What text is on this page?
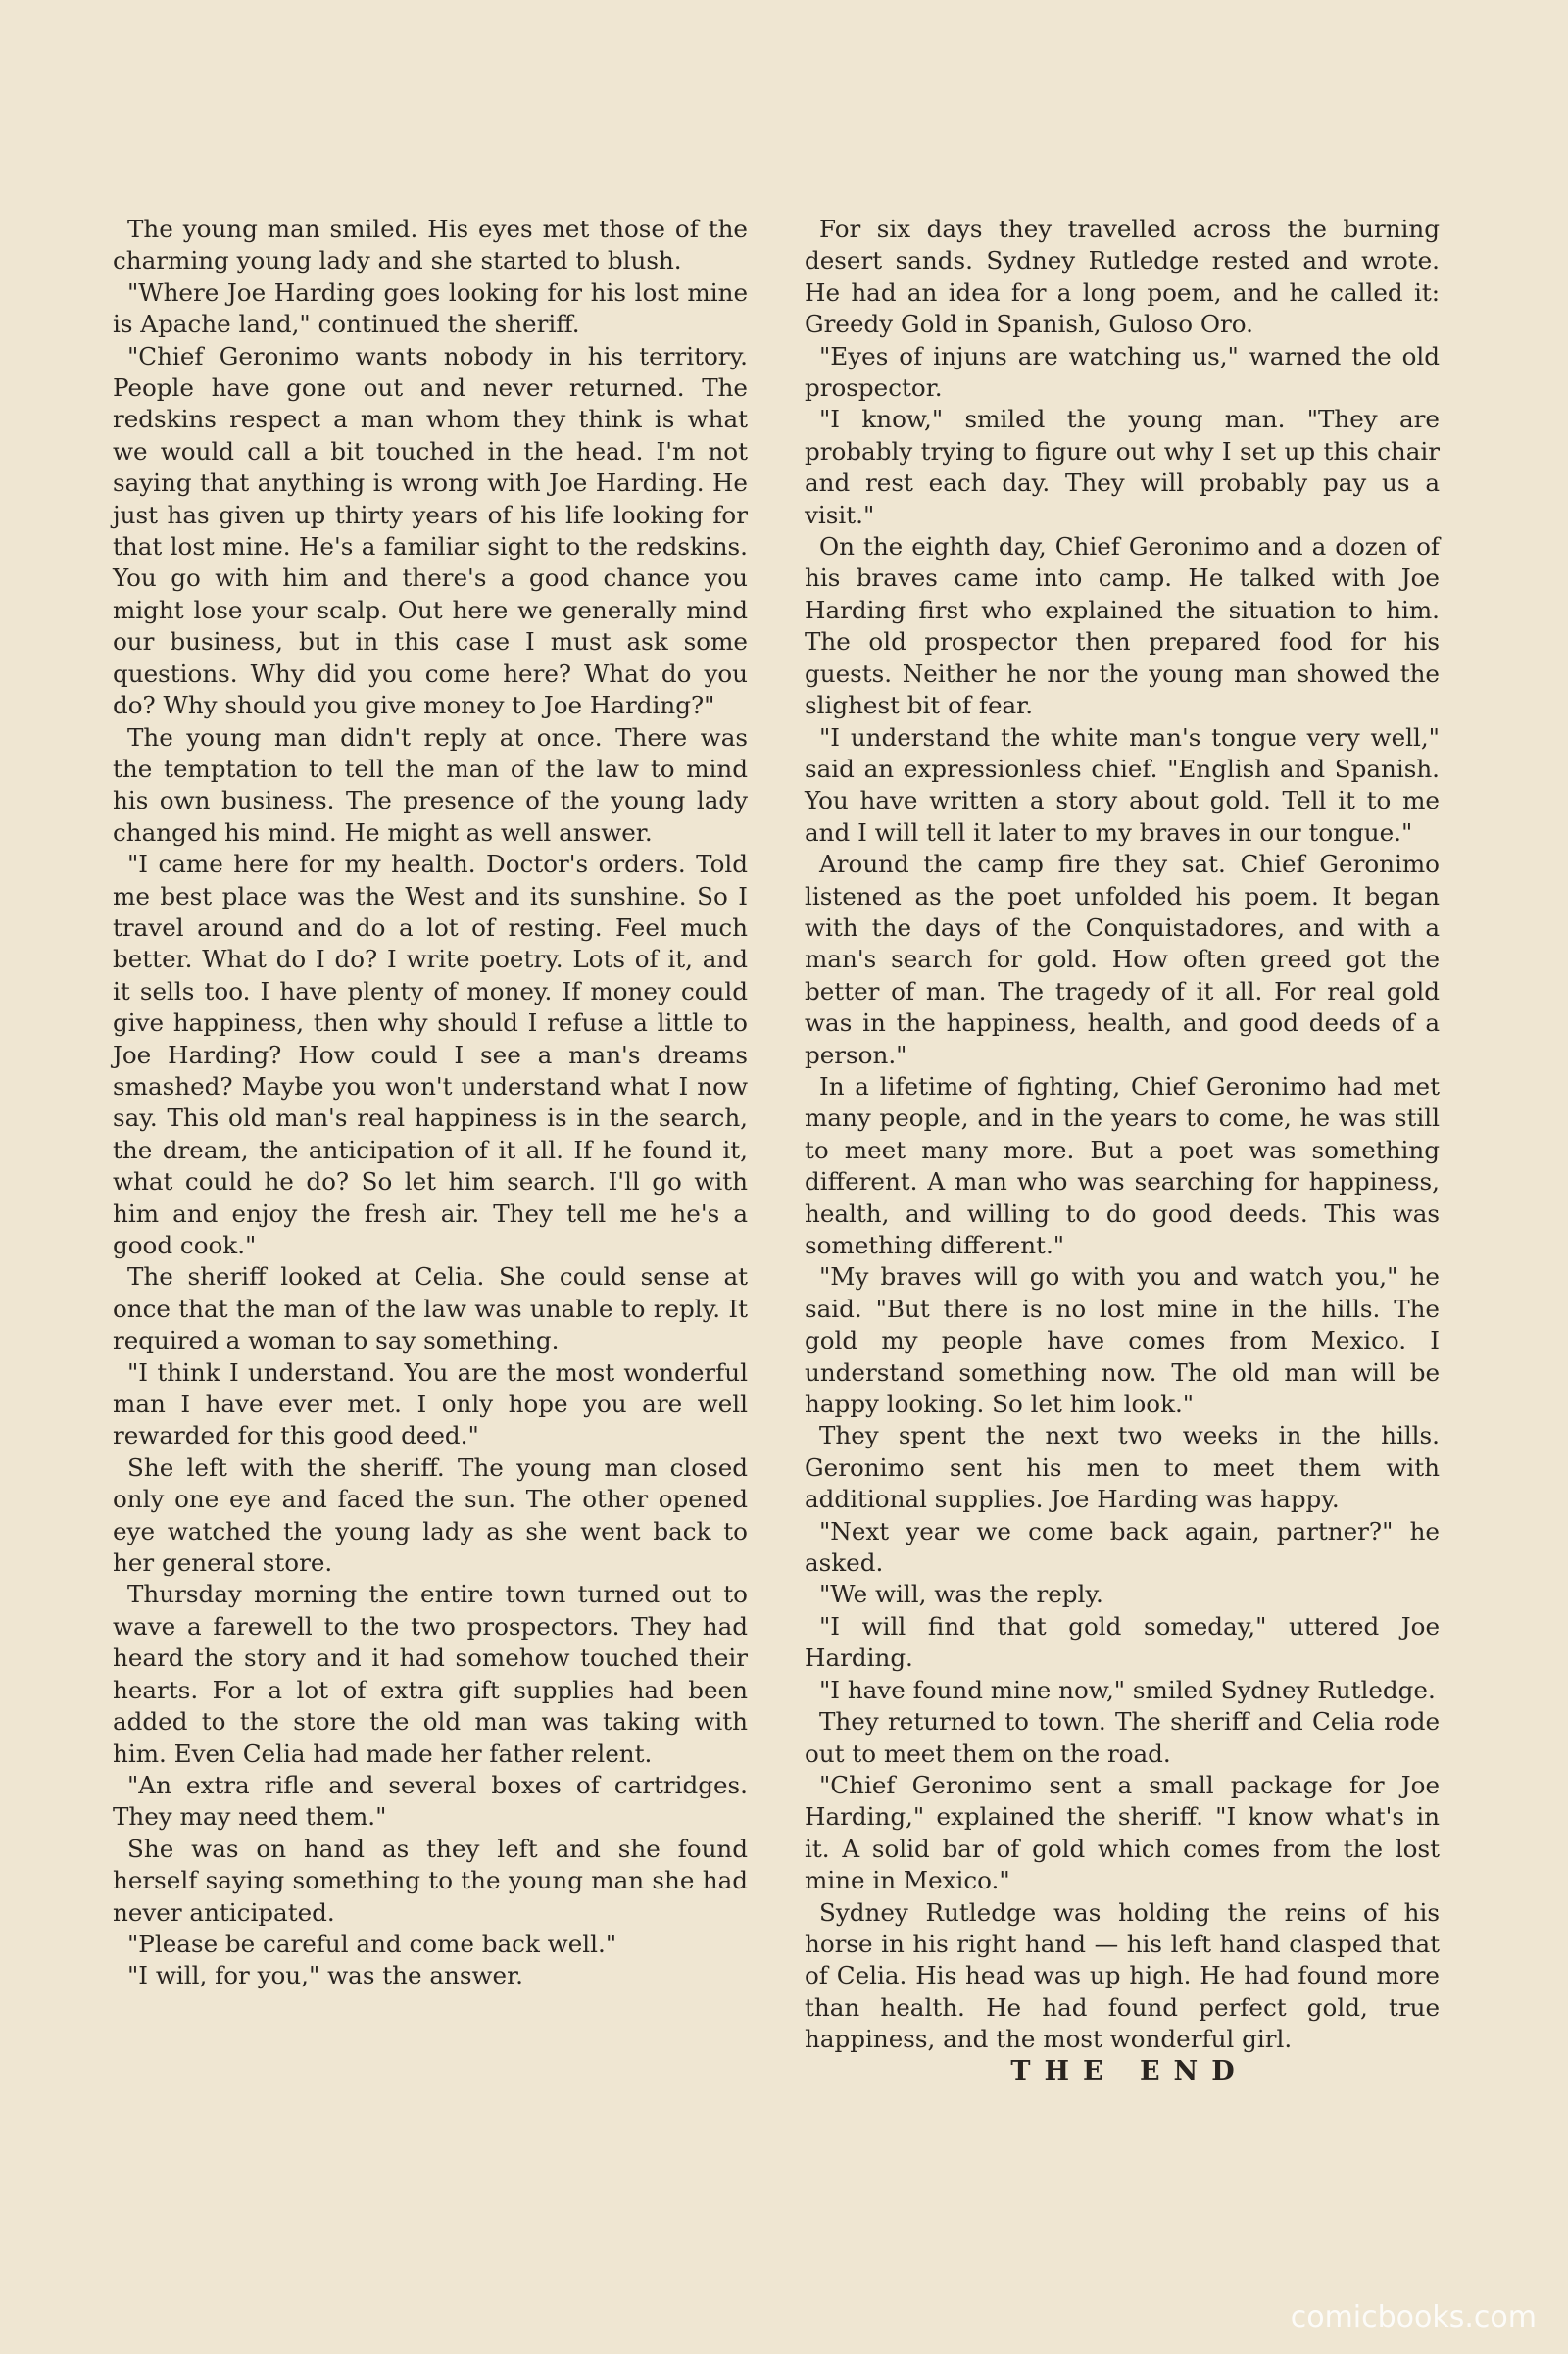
The young man smiled. His eyes met those of the charming young lady and she started to blush.

"Where Joe Harding goes looking for his lost mine is Apache land," continued the sheriff.

"Chief Geronimo wants nobody in his territory. People have gone out and never returned. The redskins respect a man whom they think is what we would call a bit touched in the head. I'm not saying that anything is wrong with Joe Harding. He just has given up thirty years of his life looking for that lost mine. He's a familiar sight to the redskins. You go with him and there's a good chance you might lose your scalp. Out here we generally mind our business, but in this case I must ask some questions. Why did you come here? What do you do? Why should you give money to Joe Harding?"

The young man didn't reply at once. There was the temptation to tell the man of the law to mind his own business. The presence of the young lady changed his mind. He might as well answer.

"I came here for my health. Doctor's orders. Told me best place was the West and its sunshine. So I travel around and do a lot of resting. Feel much better. What do I do? I write poetry. Lots of it, and it sells too. I have plenty of money. If money could give happiness, then why should I refuse a little to Joe Harding? How could I see a man's dreams smashed? Maybe you won't understand what I now say. This old man's real happiness is in the search, the dream, the anticipation of it all. If he found it, what could he do? So let him search. I'll go with him and enjoy the fresh air. They tell me he's a good cook."

The sheriff looked at Celia. She could sense at once that the man of the law was unable to reply. It required a woman to say something.

"I think I understand. You are the most wonderful man I have ever met. I only hope you are well rewarded for this good deed."

She left with the sheriff. The young man closed only one eye and faced the sun. The other opened eye watched the young lady as she went back to her general store.

Thursday morning the entire town turned out to wave a farewell to the two prospectors. They had heard the story and it had somehow touched their hearts. For a lot of extra gift supplies had been added to the store the old man was taking with him. Even Celia had made her father relent.

"An extra rifle and several boxes of cartridges. They may need them."

She was on hand as they left and she found herself saying something to the young man she had never anticipated.

"Please be careful and come back well."

"I will, for you," was the answer.

For six days they travelled across the burning desert sands. Sydney Rutledge rested and wrote. He had an idea for a long poem, and he called it: Greedy Gold in Spanish, Guloso Oro.

"Eyes of injuns are watching us," warned the old prospector.

"I know," smiled the young man. "They are probably trying to figure out why I set up this chair and rest each day. They will probably pay us a visit."

On the eighth day, Chief Geronimo and a dozen of his braves came into camp. He talked with Joe Harding first who explained the situation to him. The old prospector then prepared food for his guests. Neither he nor the young man showed the slighest bit of fear.

"I understand the white man's tongue very well," said an expressionless chief. "English and Spanish. You have written a story about gold. Tell it to me and I will tell it later to my braves in our tongue."

Around the camp fire they sat. Chief Geronimo listened as the poet unfolded his poem. It began with the days of the Conquistadores, and with a man's search for gold. How often greed got the better of man. The tragedy of it all. For real gold was in the happiness, health, and good deeds of a person."

In a lifetime of fighting, Chief Geronimo had met many people, and in the years to come, he was still to meet many more. But a poet was something different. A man who was searching for happiness, health, and willing to do good deeds. This was something different."

"My braves will go with you and watch you," he said. "But there is no lost mine in the hills. The gold my people have comes from Mexico. I understand something now. The old man will be happy looking. So let him look."

They spent the next two weeks in the hills. Geronimo sent his men to meet them with additional supplies. Joe Harding was happy.

"Next year we come back again, partner?" he asked.

"We will, was the reply.

"I will find that gold someday," uttered Joe Harding.

"I have found mine now," smiled Sydney Rutledge.

They returned to town. The sheriff and Celia rode out to meet them on the road.

"Chief Geronimo sent a small package for Joe Harding," explained the sheriff. "I know what's in it. A solid bar of gold which comes from the lost mine in Mexico."

Sydney Rutledge was holding the reins of his horse in his right hand — his left hand clasped that of Celia. His head was up high. He had found more than health. He had found perfect gold, true happiness, and the most wonderful girl.

THE END

comicbooks.com
